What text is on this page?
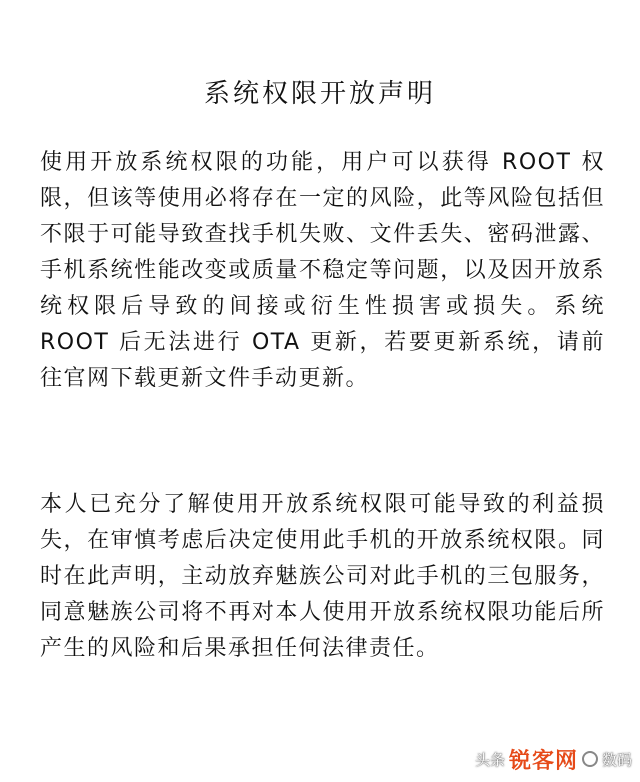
系统权限开放声明

使用开放系统权限的功能，用户可以获得 ROOT 权限，但该等使用必将存在一定的风险，此等风险包括但不限于可能导致查找手机失败、文件丢失、密码泄露、手机系统性能改变或质量不稳定等问题，以及因开放系统权限后导致的间接或衍生性损害或损失。系统 ROOT 后无法进行 OTA 更新，若要更新系统，请前往官网下载更新文件手动更新。

本人已充分了解使用开放系统权限可能导致的利益损失，在审慎考虑后决定使用此手机的开放系统权限。同时在此声明，主动放弃魅族公司对此手机的三包服务，同意魅族公司将不再对本人使用开放系统权限功能后所产生的风险和后果承担任何法律责任。

头条 锐客网 数码
